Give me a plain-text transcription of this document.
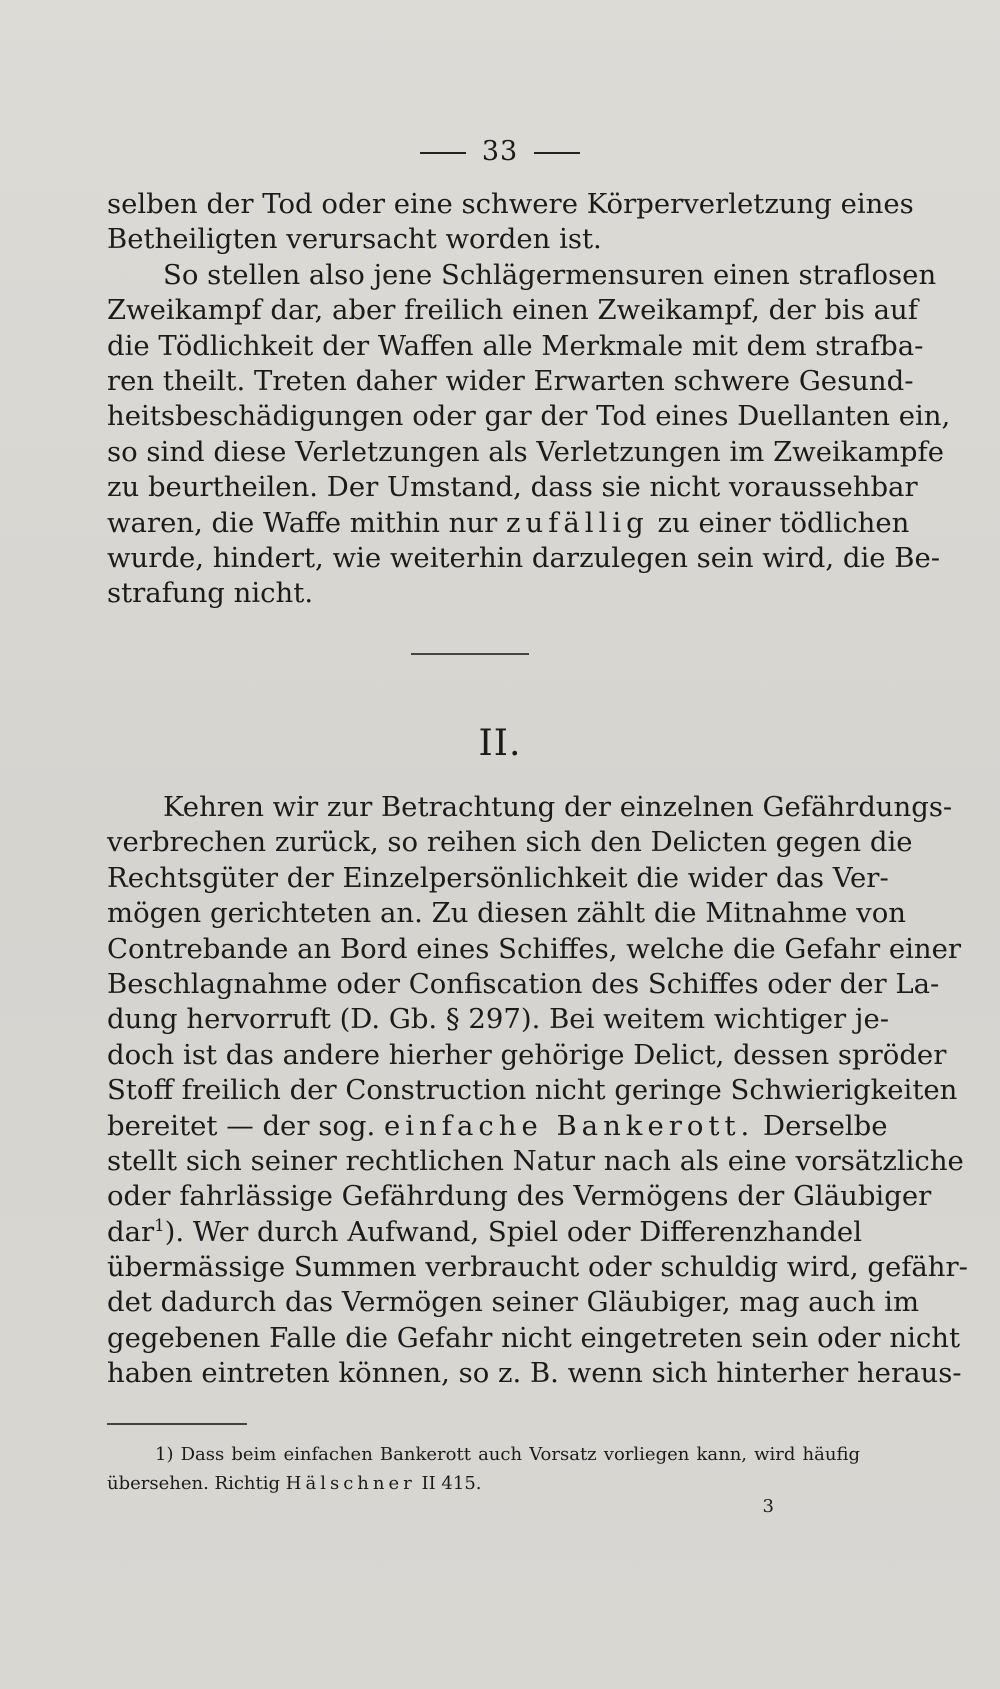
33
selben der Tod oder eine schwere Körperverletzung eines
Betheiligten verursacht worden ist.
So stellen also jene Schlägermensuren einen straflosen
Zweikampf dar, aber freilich einen Zweikampf, der bis auf
die Tödlichkeit der Waffen alle Merkmale mit dem strafba-
ren theilt. Treten daher wider Erwarten schwere Gesund-
heitsbeschädigungen oder gar der Tod eines Duellanten ein,
so sind diese Verletzungen als Verletzungen im Zweikampfe
zu beurtheilen. Der Umstand, dass sie nicht voraussehbar
waren, die Waffe mithin nur zufällig zu einer tödlichen
wurde, hindert, wie weiterhin darzulegen sein wird, die Be-
strafung nicht.
II.
Kehren wir zur Betrachtung der einzelnen Gefährdungs-
verbrechen zurück, so reihen sich den Delicten gegen die
Rechtsgüter der Einzelpersönlichkeit die wider das Ver-
mögen gerichteten an. Zu diesen zählt die Mitnahme von
Contrebande an Bord eines Schiffes, welche die Gefahr einer
Beschlagnahme oder Confiscation des Schiffes oder der La-
dung hervorruft (D. Gb. § 297). Bei weitem wichtiger je-
doch ist das andere hierher gehörige Delict, dessen spröder
Stoff freilich der Construction nicht geringe Schwierigkeiten
bereitet — der sog. einfache Bankerott. Derselbe
stellt sich seiner rechtlichen Natur nach als eine vorsätzliche
oder fahrlässige Gefährdung des Vermögens der Gläubiger
dar$^1$). Wer durch Aufwand, Spiel oder Differenzhandel
übermässige Summen verbraucht oder schuldig wird, gefähr-
det dadurch das Vermögen seiner Gläubiger, mag auch im
gegebenen Falle die Gefahr nicht eingetreten sein oder nicht
haben eintreten können, so z. B. wenn sich hinterher heraus-
1) Dass beim einfachen Bankerott auch Vorsatz vorliegen kann, wird häufig
übersehen. Richtig Hälschner II 415.
3
